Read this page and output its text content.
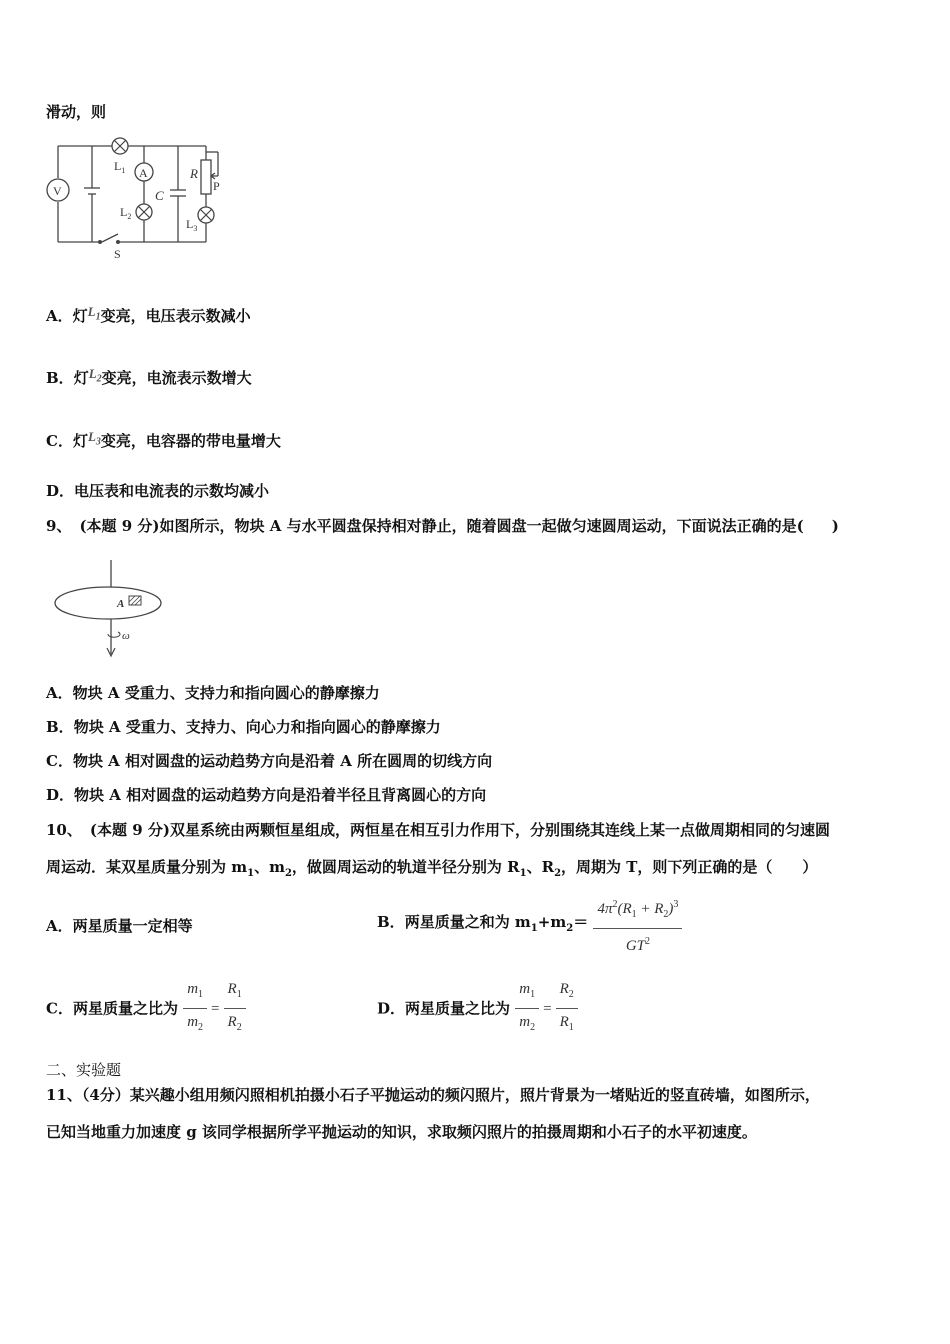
滑动，则
V
$L_1$ A
$L_2$
C
R
P
$L_3$
S
A．灯$L_1$变亮，电压表示数减小
B．灯$L_2$变亮，电流表示数增大
C．灯$L_3$变亮，电容器的带电量增大
D．电压表和电流表的示数均减小
9、 (本题 9 分)如图所示，物块 A 与水平圆盘保持相对静止，随着圆盘一起做匀速圆周运动，下面说法正确的是( )
A
ω
A．物块 A 受重力、支持力和指向圆心的静摩擦力
B．物块 A 受重力、支持力、向心力和指向圆心的静摩擦力
C．物块 A 相对圆盘的运动趋势方向是沿着 A 所在圆周的切线方向
D．物块 A 相对圆盘的运动趋势方向是沿着半径且背离圆心的方向
10、 (本题 9 分)双星系统由两颗恒星组成，两恒星在相互引力作用下，分别围绕其连线上某一点做周期相同的匀速圆
周运动．某双星质量分别为 $m_1$、$m_2$，做圆周运动的轨道半径分别为 $R_1$、$R_2$，周期为 T，则下列正确的是（　　）
A．两星质量一定相等	B．两星质量之和为 $m_1+m_2= \frac{4\pi^2(R_1 + R_2)^3}{GT^2}$
C．两星质量之比为 $\frac{m_1}{m_2} = \frac{R_1}{R_2}$	D．两星质量之比为 $\frac{m_1}{m_2} = \frac{R_2}{R_1}$
二、实验题
11、（4分）某兴趣小组用频闪照相机拍摄小石子平抛运动的频闪照片，照片背景为一堵贴近的竖直砖墙，如图所示，
已知当地重力加速度 g 该同学根据所学平抛运动的知识，求取频闪照片的拍摄周期和小石子的水平初速度。
